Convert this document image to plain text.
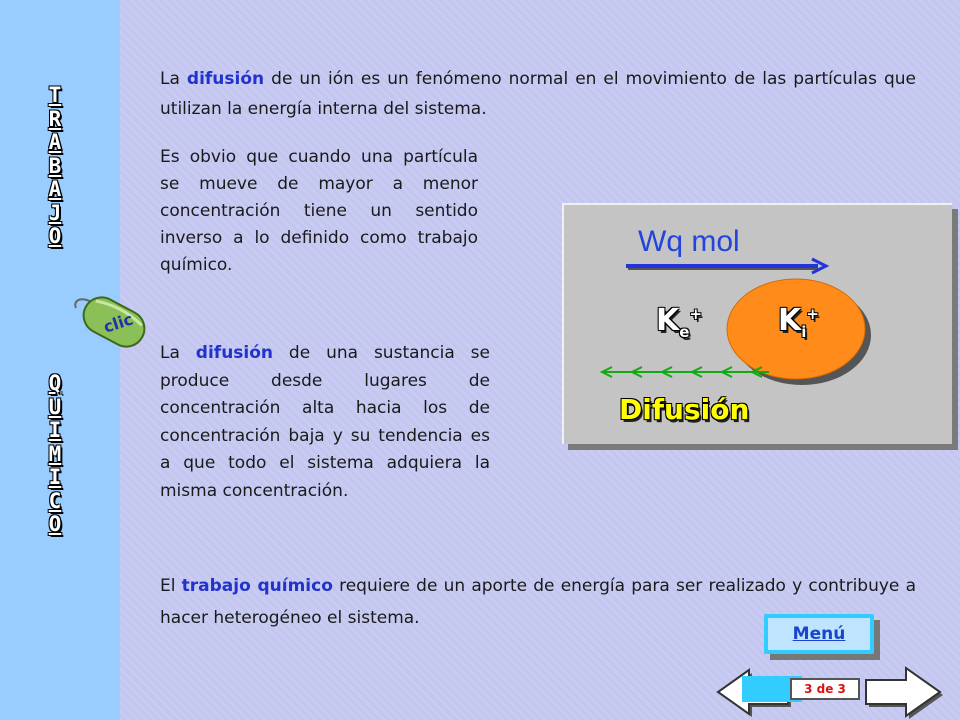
T
R
A
B
A
J
O
Q
U
I
M
I
C
O
clic
La difusión de un ión es un fenómeno normal en el movimiento de las partículas que utilizan la energía interna del sistema.
Es obvio que cuando una partícula se mueve de mayor a menor concentración tiene un sentido inverso a lo definido como trabajo químico.
La difusión de una sustancia se produce desde lugares de concentración alta hacia los de concentración baja y su tendencia es a que todo el sistema adquiera la misma concentración.
El trabajo químico requiere de un aporte de energía para ser realizado y contribuye a hacer heterogéneo el sistema.
Wq mol
$K_e^+$	$K_i^+$
Difusión
Menú
3 de 3
